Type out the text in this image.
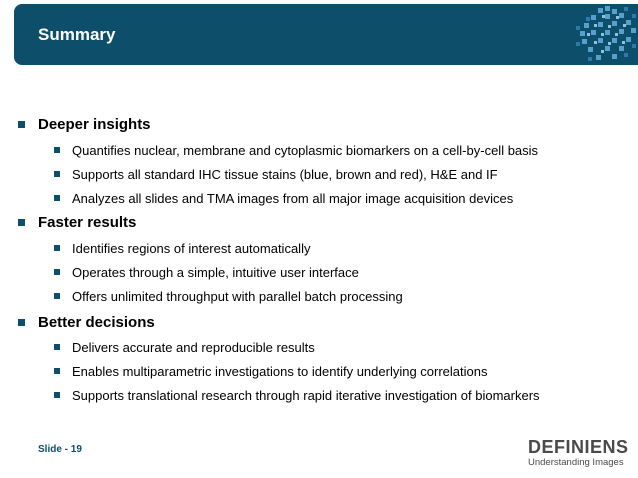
Summary
Deeper insights
Quantifies nuclear, membrane and cytoplasmic biomarkers on a cell-by-cell basis
Supports all standard IHC tissue stains (blue, brown and red), H&E and IF
Analyzes all slides and TMA images from all major image acquisition devices
Faster results
Identifies regions of interest automatically
Operates through a simple, intuitive user interface
Offers unlimited throughput with parallel batch processing
Better decisions
Delivers accurate and reproducible results
Enables multiparametric investigations to identify underlying correlations
Supports translational research through rapid iterative investigation of biomarkers
Slide - 19	DEFINIENS
Understanding Images
